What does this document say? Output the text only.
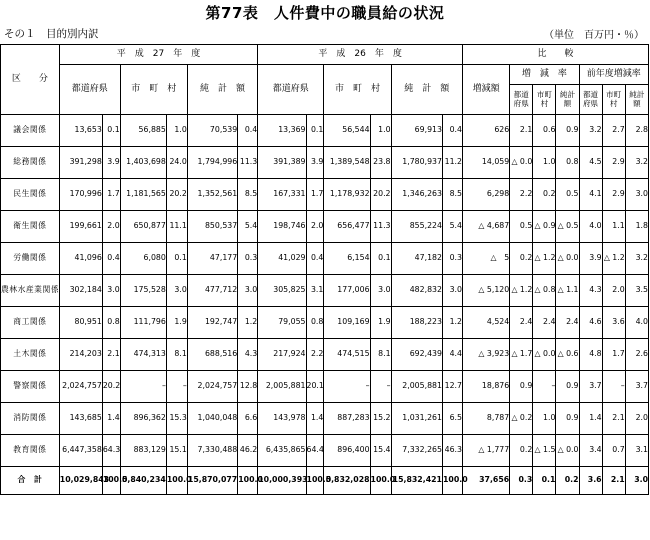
第77表　人件費中の職員給の状況
その１　目的別内訳	（単位　百万円・％）
区　　分	平　成　27　年　度						平　成　26　年　度						比　　較						
	都道府県		市　町　村		純　計　額		都道府県		市　町　村		純　計　額		増減額	増　減　率			前年度増減率		
														都道府県	市町村	純計額	都道府県	市町村	純計額
議会関係	13,653	0.1	56,885	1.0	70,539	0.4	13,369	0.1	56,544	1.0	69,913	0.4	626	2.1	0.6	0.9	3.2	2.7	2.8
総務関係	391,298	3.9	1,403,698	24.0	1,794,996	11.3	391,389	3.9	1,389,548	23.8	1,780,937	11.2	14,059	△ 0.0	1.0	0.8	4.5	2.9	3.2
民生関係	170,996	1.7	1,181,565	20.2	1,352,561	8.5	167,331	1.7	1,178,932	20.2	1,346,263	8.5	6,298	2.2	0.2	0.5	4.1	2.9	3.0
衛生関係	199,661	2.0	650,877	11.1	850,537	5.4	198,746	2.0	656,477	11.3	855,224	5.4	△ 4,687	0.5	△ 0.9	△ 0.5	4.0	1.1	1.8
労働関係	41,096	0.4	6,080	0.1	47,177	0.3	41,029	0.4	6,154	0.1	47,182	0.3	△　5	0.2	△ 1.2	△ 0.0	3.9	△ 1.2	3.2
農林水産業関係	302,184	3.0	175,528	3.0	477,712	3.0	305,825	3.1	177,006	3.0	482,832	3.0	△ 5,120	△ 1.2	△ 0.8	△ 1.1	4.3	2.0	3.5
商工関係	80,951	0.8	111,796	1.9	192,747	1.2	79,055	0.8	109,169	1.9	188,223	1.2	4,524	2.4	2.4	2.4	4.6	3.6	4.0
土木関係	214,203	2.1	474,313	8.1	688,516	4.3	217,924	2.2	474,515	8.1	692,439	4.4	△ 3,923	△ 1.7	△ 0.0	△ 0.6	4.8	1.7	2.6
警察関係	2,024,757	20.2	–	–	2,024,757	12.8	2,005,881	20.1	–	–	2,005,881	12.7	18,876	0.9	–	0.9	3.7	–	3.7
消防関係	143,685	1.4	896,362	15.3	1,040,048	6.6	143,978	1.4	887,283	15.2	1,031,261	6.5	8,787	△ 0.2	1.0	0.9	1.4	2.1	2.0
教育関係	6,447,358	64.3	883,129	15.1	7,330,488	46.2	6,435,865	64.4	896,400	15.4	7,332,265	46.3	△ 1,777	0.2	△ 1.5	△ 0.0	3.4	0.7	3.1
合　計	10,029,843	100.0	5,840,234	100.0	15,870,077	100.0	10,000,393	100.0	5,832,028	100.0	15,832,421	100.0	37,656	0.3	0.1	0.2	3.6	2.1	3.0
